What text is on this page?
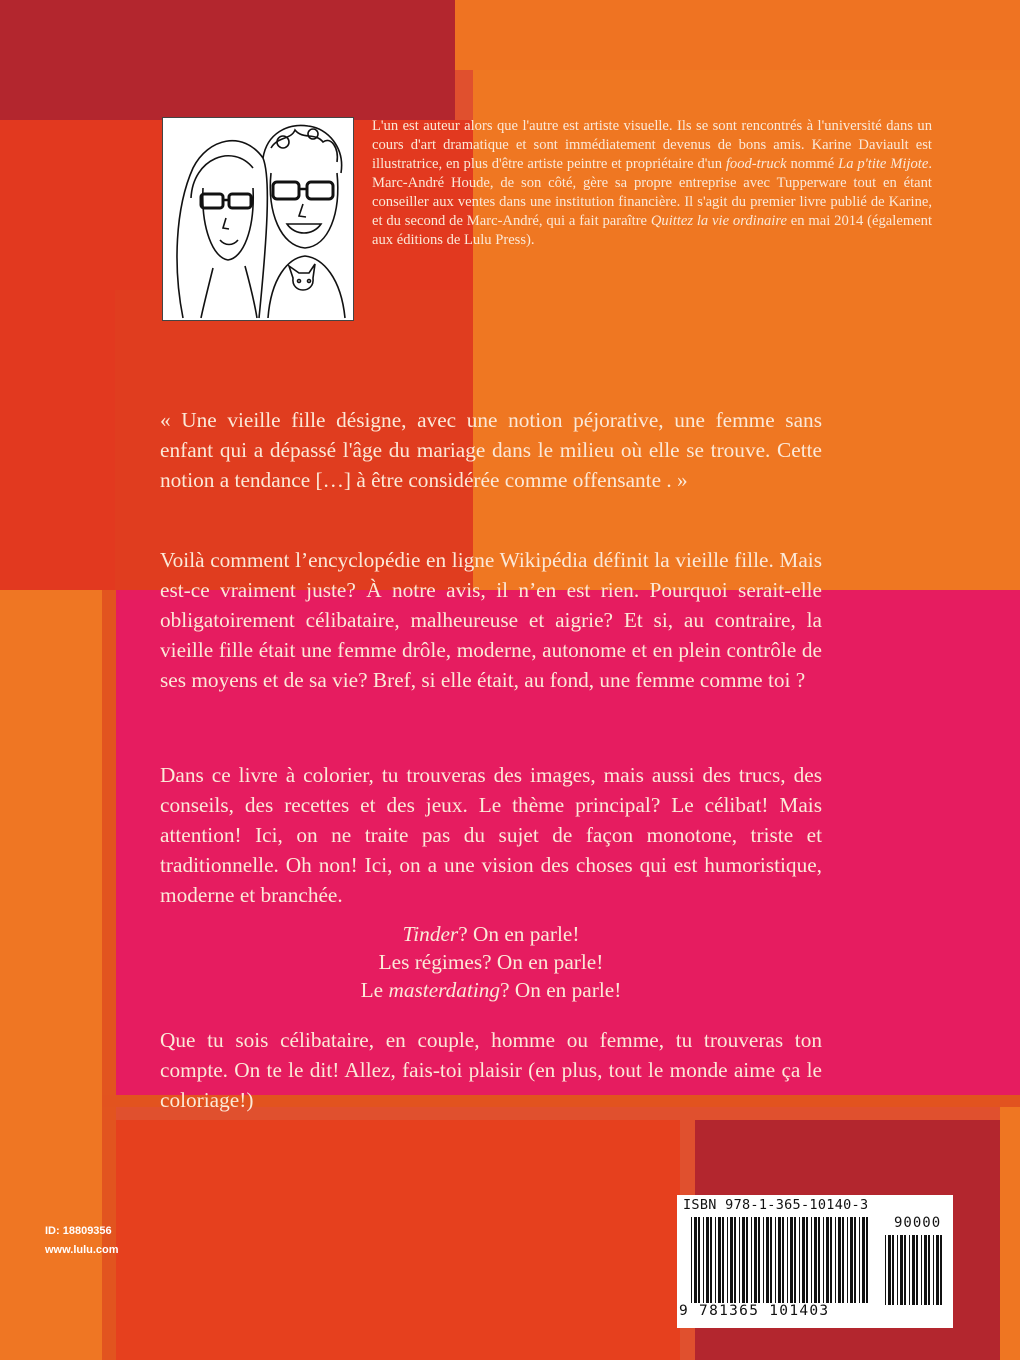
L'un est auteur alors que l'autre est artiste visuelle. Ils se sont rencontrés à l'université dans un cours d'art dramatique et sont immédiatement devenus de bons amis. Karine Daviault est illustratrice, en plus d'être artiste peintre et propriétaire d'un food-truck nommé La p'tite Mijote. Marc-André Houde, de son côté, gère sa propre entreprise avec Tupperware tout en étant conseiller aux ventes dans une institution financière. Il s'agit du premier livre publié de Karine, et du second de Marc-André, qui a fait paraître Quittez la vie ordinaire en mai 2014 (également aux éditions de Lulu Press).

« Une vieille fille désigne, avec une notion péjorative, une femme sans enfant qui a dépassé l'âge du mariage dans le milieu où elle se trouve. Cette notion a tendance […] à être considérée comme offensante . »

Voilà comment l’encyclopédie en ligne Wikipédia définit la vieille fille. Mais est-ce vraiment juste? À notre avis, il n’en est rien. Pourquoi serait-elle obligatoirement célibataire, malheureuse et aigrie? Et si, au contraire, la vieille fille était une femme drôle, moderne, autonome et en plein contrôle de ses moyens et de sa vie? Bref, si elle était, au fond, une femme comme toi ?

Dans ce livre à colorier, tu trouveras des images, mais aussi des trucs, des conseils, des recettes et des jeux. Le thème principal? Le célibat! Mais attention! Ici, on ne traite pas du sujet de façon monotone, triste et traditionnelle. Oh non! Ici, on a une vision des choses qui est humoristique, moderne et branchée.

Tinder? On en parle!
Les régimes? On en parle!
Le masterdating? On en parle!

Que tu sois célibataire, en couple, homme ou femme, tu trouveras ton compte. On te le dit! Allez, fais-toi plaisir (en plus, tout le monde aime ça le coloriage!)

ISBN 978-1-365-10140-3
90000
9 781365 101403
ID: 18809356
www.lulu.com
